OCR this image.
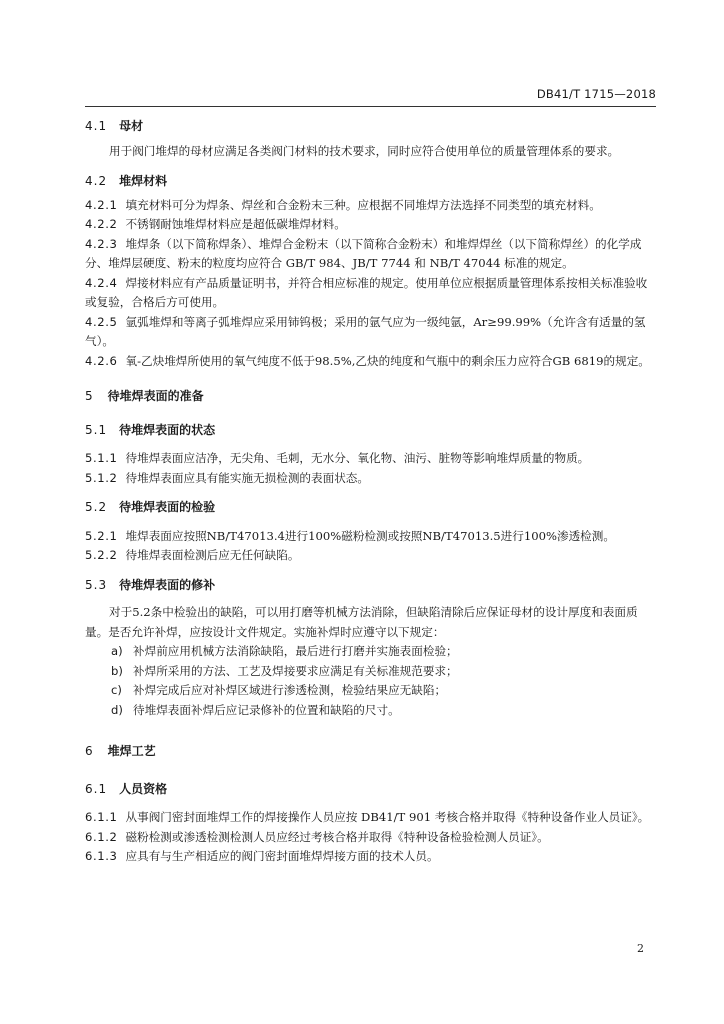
DB41/T 1715—2018
4.1 母材

用于阀门堆焊的母材应满足各类阀门材料的技术要求，同时应符合使用单位的质量管理体系的要求。

4.2 堆焊材料

4.2.1 填充材料可分为焊条、焊丝和合金粉末三种。应根据不同堆焊方法选择不同类型的填充材料。

4.2.2 不锈钢耐蚀堆焊材料应是超低碳堆焊材料。

4.2.3 堆焊条（以下简称焊条）、堆焊合金粉末（以下简称合金粉末）和堆焊焊丝（以下简称焊丝）的化学成分、堆焊层硬度、粉末的粒度均应符合 GB/T 984、JB/T 7744 和 NB/T 47044 标准的规定。

4.2.4 焊接材料应有产品质量证明书，并符合相应标准的规定。使用单位应根据质量管理体系按相关标准验收或复验，合格后方可使用。

4.2.5 氩弧堆焊和等离子弧堆焊应采用铈钨极；采用的氩气应为一级纯氩，Ar≥99.99%（允许含有适量的氢气）。

4.2.6 氧-乙炔堆焊所使用的氧气纯度不低于98.5%,乙炔的纯度和气瓶中的剩余压力应符合GB 6819的规定。

5 待堆焊表面的准备
5.1 待堆焊表面的状态

5.1.1 待堆焊表面应洁净，无尖角、毛刺，无水分、氧化物、油污、脏物等影响堆焊质量的物质。

5.1.2 待堆焊表面应具有能实施无损检测的表面状态。

5.2 待堆焊表面的检验

5.2.1 堆焊表面应按照NB/T47013.4进行100%磁粉检测或按照NB/T47013.5进行100%渗透检测。

5.2.2 待堆焊表面检测后应无任何缺陷。

5.3 待堆焊表面的修补

对于5.2条中检验出的缺陷，可以用打磨等机械方法消除，但缺陷清除后应保证母材的设计厚度和表面质量。是否允许补焊，应按设计文件规定。实施补焊时应遵守以下规定：

a) 补焊前应用机械方法消除缺陷，最后进行打磨并实施表面检验；

b) 补焊所采用的方法、工艺及焊接要求应满足有关标准规范要求；

c) 补焊完成后应对补焊区域进行渗透检测，检验结果应无缺陷；

d) 待堆焊表面补焊后应记录修补的位置和缺陷的尺寸。

6 堆焊工艺
6.1 人员资格

6.1.1 从事阀门密封面堆焊工作的焊接操作人员应按 DB41/T 901 考核合格并取得《特种设备作业人员证》。

6.1.2 磁粉检测或渗透检测检测人员应经过考核合格并取得《特种设备检验检测人员证》。

6.1.3 应具有与生产相适应的阀门密封面堆焊焊接方面的技术人员。

2
